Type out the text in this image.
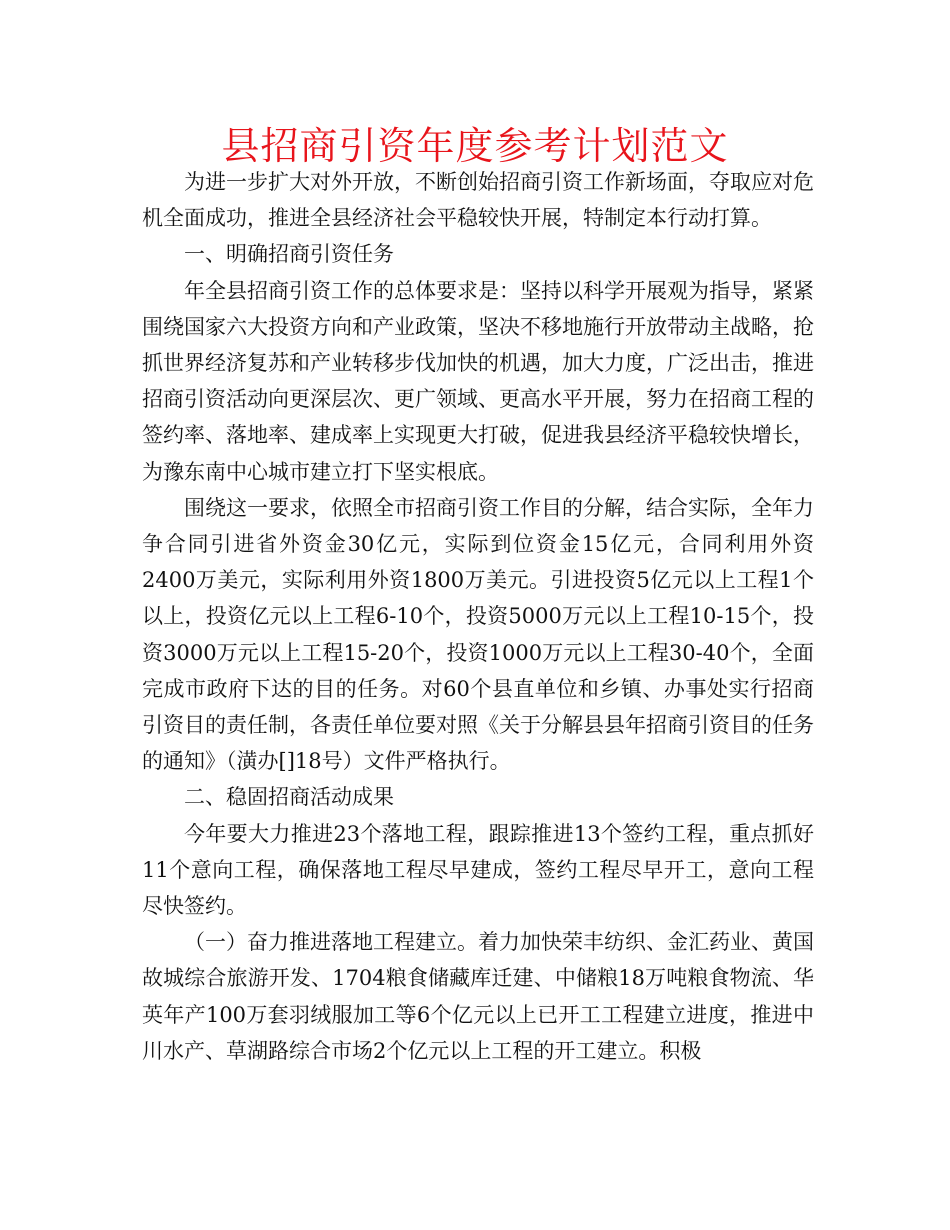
县招商引资年度参考计划范文

为进一步扩大对外开放，不断创始招商引资工作新场面，夺取应对危机全面成功，推进全县经济社会平稳较快开展，特制定本行动打算。

一、明确招商引资任务

年全县招商引资工作的总体要求是：坚持以科学开展观为指导，紧紧围绕国家六大投资方向和产业政策，坚决不移地施行开放带动主战略，抢抓世界经济复苏和产业转移步伐加快的机遇，加大力度，广泛出击，推进招商引资活动向更深层次、更广领域、更高水平开展，努力在招商工程的签约率、落地率、建成率上实现更大打破，促进我县经济平稳较快增长，为豫东南中心城市建立打下坚实根底。

围绕这一要求，依照全市招商引资工作目的分解，结合实际，全年力争合同引进省外资金30亿元，实际到位资金15亿元，合同利用外资2400万美元，实际利用外资1800万美元。引进投资5亿元以上工程1个以上，投资亿元以上工程6-10个，投资5000万元以上工程10-15个，投资3000万元以上工程15-20个，投资1000万元以上工程30-40个，全面完成市政府下达的目的任务。对60个县直单位和乡镇、办事处实行招商引资目的责任制，各责任单位要对照《关于分解县县年招商引资目的任务的通知》（潢办[]18号）文件严格执行。

二、稳固招商活动成果

今年要大力推进23个落地工程，跟踪推进13个签约工程，重点抓好11个意向工程，确保落地工程尽早建成，签约工程尽早开工，意向工程尽快签约。

（一）奋力推进落地工程建立。着力加快荣丰纺织、金汇药业、黄国故城综合旅游开发、1704粮食储藏库迁建、中储粮18万吨粮食物流、华英年产100万套羽绒服加工等6个亿元以上已开工工程建立进度，推进中川水产、草湖路综合市场2个亿元以上工程的开工建立。积极
